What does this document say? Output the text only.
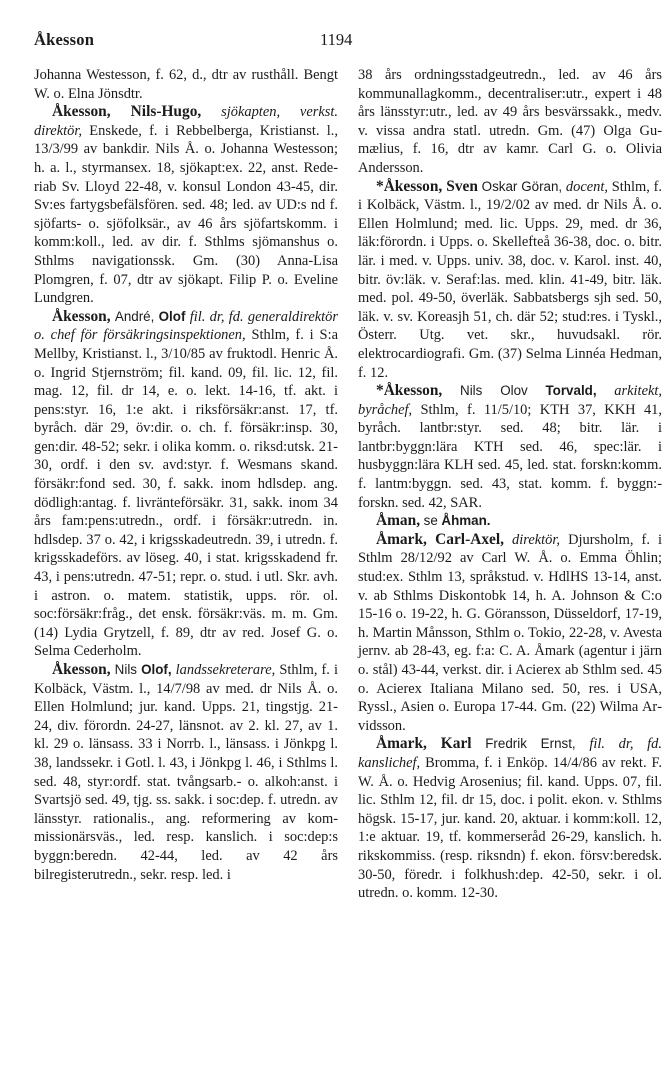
Åkesson	1194

Johanna Westesson, f. 62, d., dtr av rusthåll. Bengt W. o. Elna Jönsdtr.

Åkesson, Nils-Hugo, sjökapten, verkst. direktör, Enskede, f. i Rebbelberga, Kristianst. l., 13/3/99 av bankdir. Nils Å. o. Johanna Westesson; h. a. l., styrmansex. 18, sjökapt:ex. 22, anst. Rederiab Sv. Lloyd 22-48, v. konsul London 43-45, dir. Sv:es fartygsbefälsfören. sed. 48; led. av UD:s nd f. sjöfarts- o. sjöfolksär., av 46 års sjöfartskomm. i komm:koll., led. av dir. f. Sthlms sjömanshus o. Sthlms navigationssk. Gm. (30) Anna-Lisa Plomgren, f. 07, dtr av sjökapt. Filip P. o. Eveline Lundgren.

Åkesson, André, Olof fil. dr, fd. generaldirektör o. chef för försäkringsinspektionen, Sthlm, f. i S:a Mellby, Kristianst. l., 3/10/85 av fruktodl. Henric Å. o. Ingrid Stjernström; fil. kand. 09, fil. lic. 12, fil. mag. 12, fil. dr 14, e. o. lekt. 14-16, tf. akt. i pens:styr. 16, 1:e akt. i riksförsäkr:anst. 17, tf. byråch. där 29, öv:dir. o. ch. f. försäkr:insp. 30, gen:dir. 48-52; sekr. i olika komm. o. riksd:utsk. 21-30, ordf. i den sv. avd:styr. f. Wesmans skand. försäkr:fond sed. 30, f. sakk. inom hdlsdep. ang. dödligh:antag. f. livränteförsäkr. 31, sakk. inom 34 års fam:pens:utredn., ordf. i försäkr:utredn. in. hdlsdep. 37 o. 42, i krigsskadeutredn. 39, i utredn. f. krigsskadeförs. av löseg. 40, i stat. krigsskadend fr. 43, i pens:utredn. 47-51; repr. o. stud. i utl. Skr. avh. i astron. o. matem. statistik, upps. rör. ol. soc:försäkr:fråg., det ensk. försäkr:väs. m. m. Gm. (14) Lydia Grytzell, f. 89, dtr av red. Josef G. o. Selma Cederholm.

Åkesson, Nils Olof, landssekreterare, Sthlm, f. i Kolbäck, Västm. l., 14/7/98 av med. dr Nils Å. o. Ellen Holmlund; jur. kand. Upps. 21, tingstjg. 21-24, div. förordn. 24-27, länsnot. av 2. kl. 27, av 1. kl. 29 o. länsass. 33 i Norrb. l., länsass. i Jönkpg l. 38, landssekr. i Gotl. l. 43, i Jönkpg l. 46, i Sthlms l. sed. 48, styr:ordf. stat. tvångsarb.- o. alkoh:anst. i Svartsjö sed. 49, tjg. ss. sakk. i soc:dep. f. utredn. av länsstyr. rationalis., ang. reformering av kommissionärsväs., led. resp. kanslich. i soc:dep:s byggn:beredn. 42-44, led. av 42 års bilregisterutredn., sekr. resp. led. i

38 års ordningsstadgeutredn., led. av 46 års kommunallagkomm., decentraliser:utr., expert i 48 års länsstyr:utr., led. av 49 års besvärssakk., medv. v. vissa andra statl. utredn. Gm. (47) Olga Gumælius, f. 16, dtr av kamr. Carl G. o. Olivia Andersson.

*Åkesson, Sven Oskar Göran, docent, Sthlm, f. i Kolbäck, Västm. l., 19/2/02 av med. dr Nils Å. o. Ellen Holmlund; med. lic. Upps. 29, med. dr 36, läk:förordn. i Upps. o. Skellefteå 36-38, doc. o. bitr. lär. i med. v. Upps. univ. 38, doc. v. Karol. inst. 40, bitr. öv:läk. v. Seraf:las. med. klin. 41-49, bitr. läk. med. pol. 49-50, överläk. Sabbatsbergs sjh sed. 50, läk. v. sv. Koreasjh 51, ch. där 52; stud:res. i Tyskl., Österr. Utg. vet. skr., huvudsakl. rör. elektrocardiografi. Gm. (37) Selma Linnéa Hedman, f. 12.

*Åkesson, Nils Olov Torvald, arkitekt, byråchef, Sthlm, f. 11/5/10; KTH 37, KKH 41, byråch. lantbr:styr. sed. 48; bitr. lär. i lantbr:byggn:lära KTH sed. 46, spec:lär. i husbyggn:lära KLH sed. 45, led. stat. forskn:komm. f. lantm:byggn. sed. 43, stat. komm. f. byggn:forskn. sed. 42, SAR.

Åman, se Åhman.

Åmark, Carl-Axel, direktör, Djursholm, f. i Sthlm 28/12/92 av Carl W. Å. o. Emma Öhlin; stud:ex. Sthlm 13, språkstud. v. HdlHS 13-14, anst. v. ab Sthlms Diskontobk 14, h. A. Johnson & C:o 15-16 o. 19-22, h. G. Göransson, Düsseldorf, 17-19, h. Martin Månsson, Sthlm o. Tokio, 22-28, v. Avesta jernv. ab 28-43, eg. f:a: C. A. Åmark (agentur i järn o. stål) 43-44, verkst. dir. i Acierex ab Sthlm sed. 45 o. Acierex Italiana Milano sed. 50, res. i USA, Ryssl., Asien o. Europa 17-44. Gm. (22) Wilma Arvidsson.

Åmark, Karl Fredrik Ernst, fil. dr, fd. kanslichef, Bromma, f. i Enköp. 14/4/86 av rekt. F. W. Å. o. Hedvig Arosenius; fil. kand. Upps. 07, fil. lic. Sthlm 12, fil. dr 15, doc. i polit. ekon. v. Sthlms högsk. 15-17, jur. kand. 20, aktuar. i komm:koll. 12, 1:e aktuar. 19, tf. kommerseråd 26-29, kanslich. h. rikskommiss. (resp. riksndn) f. ekon. försv:beredsk. 30-50, föredr. i folkhush:dep. 42-50, sekr. i ol. utredn. o. komm. 12-30.
